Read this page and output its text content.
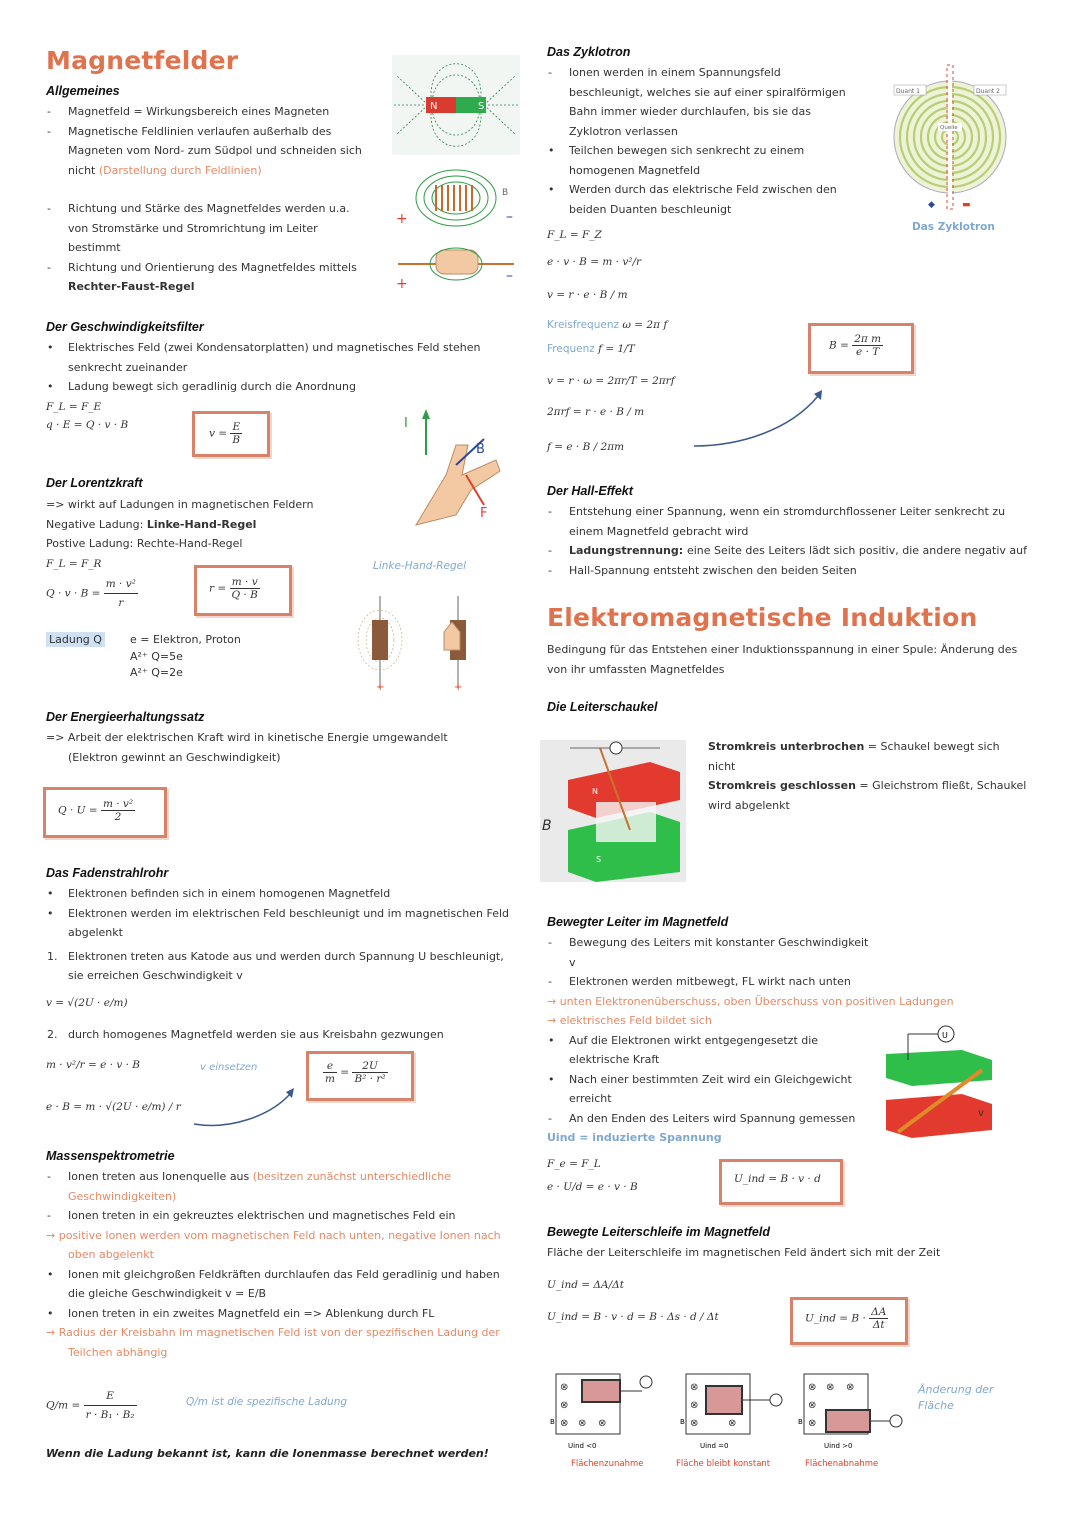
Magnetfelder
Allgemeines
- Magnetfeld = Wirkungsbereich eines Magneten
- Magnetische Feldlinien verlaufen außerhalb des Magneten vom Nord- zum Südpol und schneiden sich nicht (Darstellung durch Feldlinien)
- Richtung und Stärke des Magnetfeldes werden u.a. von Stromstärke und Stromrichtung im Leiter bestimmt
- Richtung und Orientierung des Magnetfeldes mittels
Rechter-Faust-Regel
N	S
+	–
B
+	–
Der Geschwindigkeitsfilter
• Elektrisches Feld (zwei Kondensatorplatten) und magnetisches Feld stehen senkrecht zueinander
• Ladung bewegt sich geradlinig durch die Anordnung
F_L = F_E
q · E = Q · v · B
$v = \frac{E}{B}$	I
B
F
Der Lorentzkraft
=> wirkt auf Ladungen in magnetischen Feldern
Negative Ladung: Linke-Hand-Regel
Postive Ladung: Rechte-Hand-Regel
F_L = F_R
$Q \cdot v \cdot B = \frac{\text{m · v²}}{r}$	$r = \frac{m \cdot v}{Q \cdot B}$
Linke-Hand-Regel
+	+
Ladung Q	e = Elektron, Proton
A²⁺ Q=5e
A²⁺ Q=2e
Der Energieerhaltungssatz
=> Arbeit der elektrischen Kraft wird in kinetische Energie umgewandelt
(Elektron gewinnt an Geschwindigkeit)
$Q \cdot U = \frac{\text{m · v²}}{2}$
Das Fadenstrahlrohr
• Elektronen befinden sich in einem homogenen Magnetfeld
• Elektronen werden im elektrischen Feld beschleunigt und im magnetischen Feld abgelenkt
1. Elektronen treten aus Katode aus und werden durch Spannung U beschleunigt, sie erreichen Geschwindigkeit v
v = √(2U · e/m)
2. durch homogenes Magnetfeld werden sie aus Kreisbahn gezwungen
m · v²/r = e · v · B
e · B = m · √(2U · e/m) / r
v einsetzen	$\frac{e}{m} = \frac{2U}{\text{B² · r²}}$
Massenspektrometrie
- Ionen treten aus Ionenquelle aus (besitzen zunächst unterschiedliche Geschwindigkeiten)
- Ionen treten in ein gekreuztes elektrischen und magnetisches Feld ein
→ positive Ionen werden vom magnetischen Feld nach unten, negative Ionen nach oben abgelenkt
• Ionen mit gleichgroßen Feldkräften durchlaufen das Feld geradlinig und haben die gleiche Geschwindigkeit v = E/B
• Ionen treten in ein zweites Magnetfeld ein => Ablenkung durch FL
→ Radius der Kreisbahn im magnetischen Feld ist von der spezifischen Ladung der Teilchen abhängig
$Q/m = \frac{E}{\text{r · B₁ · B₂}}$	Q/m ist die spezifische Ladung
Wenn die Ladung bekannt ist, kann die Ionenmasse berechnet werden!
Das Zyklotron
- Ionen werden in einem Spannungsfeld beschleunigt, welches sie auf einer spiralförmigen Bahn immer wieder durchlaufen, bis sie das Zyklotron verlassen
• Teilchen bewegen sich senkrecht zu einem homogenen Magnetfeld
• Werden durch das elektrische Feld zwischen den beiden Duanten beschleunigt
Duant 1	Duant 2
Quelle
◆	▬
Das Zyklotron
F_L = F_Z
e · v · B = m · v²/r
v = r · e · B / m
Kreisfrequenz ω = 2π f
Frequenz f = 1/T
v = r · ω = 2πr/T = 2πrf
2πrf = r · e · B / m
f = e · B / 2πm
$B = \frac{\text{2π m}}{e \cdot T}$
Der Hall-Effekt
- Entstehung einer Spannung, wenn ein stromdurchflossener Leiter senkrecht zu einem Magnetfeld gebracht wird
- Ladungstrennung: eine Seite des Leiters lädt sich positiv, die andere negativ auf
- Hall-Spannung entsteht zwischen den beiden Seiten
Elektromagnetische Induktion
Bedingung für das Entstehen einer Induktionsspannung in einer Spule: Änderung des von ihr umfassten Magnetfeldes
Die Leiterschaukel
N
S
B
Stromkreis unterbrochen = Schaukel bewegt sich nicht
Stromkreis geschlossen = Gleichstrom fließt, Schaukel wird abgelenkt
Bewegter Leiter im Magnetfeld
- Bewegung des Leiters mit konstanter Geschwindigkeit v
- Elektronen werden mitbewegt, FL wirkt nach unten
→ unten Elektronenüberschuss, oben Überschuss von positiven Ladungen
→ elektrisches Feld bildet sich
• Auf die Elektronen wirkt entgegengesetzt die elektrische Kraft
• Nach einer bestimmten Zeit wird ein Gleichgewicht erreicht
- An den Enden des Leiters wird Spannung gemessen
Uind = induzierte Spannung
U
v
F_e = F_L
e · U/d = e · v · B
U_ind = B · v · d
Bewegte Leiterschleife im Magnetfeld
Fläche der Leiterschleife im magnetischen Feld ändert sich mit der Zeit
U_ind = ΔA/Δt
U_ind = B · v · d = B · Δs · d / Δt	U_ind = $B \cdot \frac{\Delta A}{\Delta t}$
Änderung der Fläche
⊗
⊗
⊗ ⊗ ⊗
B
Uind <0
⊗
⊗
⊗	⊗
B
Uind =0
⊗ ⊗ ⊗
⊗
⊗
B
Uind >0
Flächenzunahme	Fläche bleibt konstant	Flächenabnahme
